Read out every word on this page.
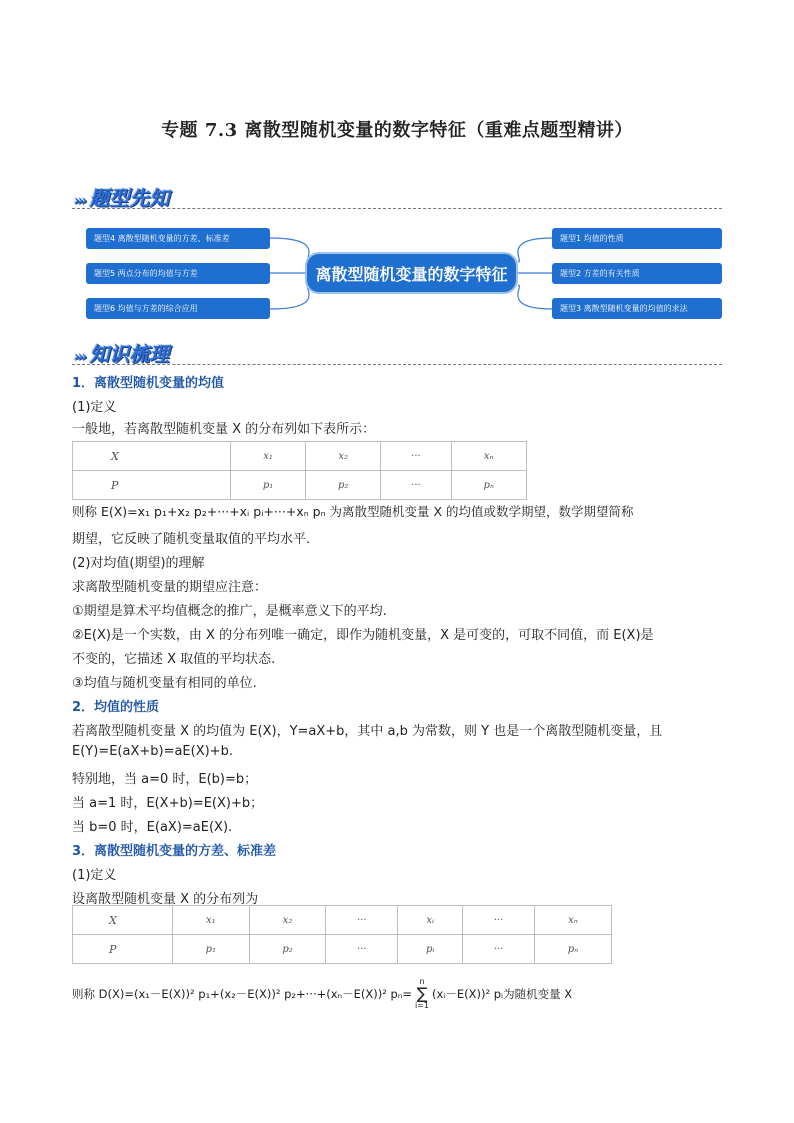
专题 7.3 离散型随机变量的数字特征（重难点题型精讲）
››› 题型先知
题型4 离散型随机变量的方差、标准差
题型5 两点分布的均值与方差
题型6 均值与方差的综合应用
离散型随机变量的数字特征
题型1 均值的性质
题型2 方差的有关性质
题型3 离散型随机变量的均值的求法
››› 知识梳理
1．离散型随机变量的均值
(1)定义
一般地，若离散型随机变量 X 的分布列如下表所示：
X	x₁	x₂	···	xₙ
P	p₁	p₂	···	pₙ
则称 E(X)=x₁ p₁+x₂ p₂+···+xᵢ pᵢ+···+xₙ pₙ 为离散型随机变量 X 的均值或数学期望，数学期望简称
期望，它反映了随机变量取值的平均水平.
(2)对均值(期望)的理解
求离散型随机变量的期望应注意：
①期望是算术平均值概念的推广，是概率意义下的平均.
②E(X)是一个实数，由 X 的分布列唯一确定，即作为随机变量，X 是可变的，可取不同值，而 E(X)是
不变的，它描述 X 取值的平均状态.
③均值与随机变量有相同的单位.
2．均值的性质
若离散型随机变量 X 的均值为 E(X)，Y=aX+b，其中 a,b 为常数，则 Y 也是一个离散型随机变量，且
E(Y)=E(aX+b)=aE(X)+b.
特别地，当 a=0 时，E(b)=b；
当 a=1 时，E(X+b)=E(X)+b；
当 b=0 时，E(aX)=aE(X).
3．离散型随机变量的方差、标准差
(1)定义
设离散型随机变量 X 的分布列为
X	x₁	x₂	···	xᵢ	···	xₙ
P	p₁	p₂	···	pᵢ	···	pₙ
则称 D(X)=(x₁－E(X))² p₁+(x₂－E(X))² p₂+···+(xₙ－E(X))² pₙ=
n
∑
i=1
(xᵢ－E(X))² pᵢ为随机变量 X
